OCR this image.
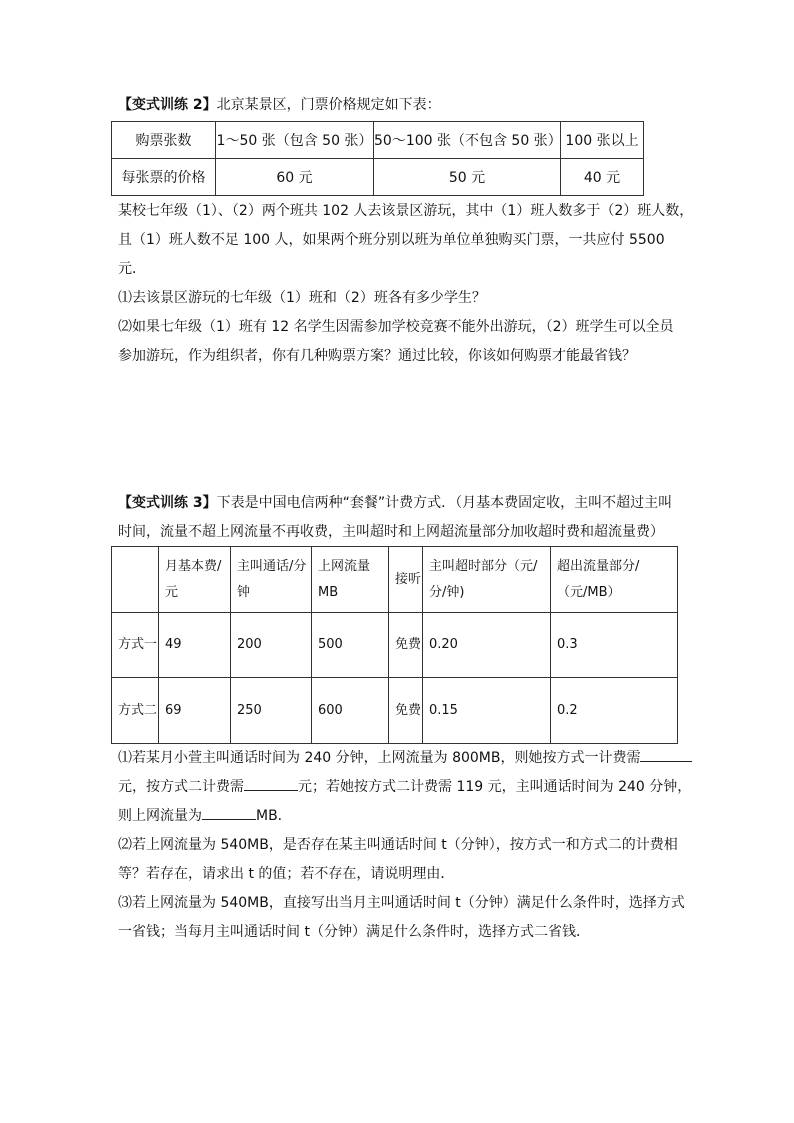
【变式训练 2】北京某景区，门票价格规定如下表：
购票张数	1～50 张（包含 50 张）	50～100 张（不包含 50 张）	100 张以上
每张票的价格	60 元	50 元	40 元
某校七年级（1）、（2）两个班共 102 人去该景区游玩，其中（1）班人数多于（2）班人数，
且（1）班人数不足 100 人，如果两个班分别以班为单位单独购买门票，一共应付 5500
元．
⑴去该景区游玩的七年级（1）班和（2）班各有多少学生？
⑵如果七年级（1）班有 12 名学生因需参加学校竞赛不能外出游玩，（2）班学生可以全员
参加游玩，作为组织者，你有几种购票方案？通过比较，你该如何购票才能最省钱？
【变式训练 3】下表是中国电信两种“套餐”计费方式．（月基本费固定收，主叫不超过主叫
时间，流量不超上网流量不再收费，主叫超时和上网超流量部分加收超时费和超流量费）
	月基本费/元	主叫通话/分钟	上网流量MB	接听	主叫超时部分（元/分/钟)	超出流量部分/（元/MB）
方式一	49	200	500	免费	0.20	0.3
方式二	69	250	600	免费	0.15	0.2
⑴若某月小萱主叫通话时间为 240 分钟，上网流量为 800MB，则她按方式一计费需
元，按方式二计费需	元；若她按方式二计费需 119 元，主叫通话时间为 240 分钟，
则上网流量为	MB．
⑵若上网流量为 540MB，是否存在某主叫通话时间 t（分钟），按方式一和方式二的计费相
等？若存在，请求出 t 的值；若不存在，请说明理由．
⑶若上网流量为 540MB，直接写出当月主叫通话时间 t（分钟）满足什么条件时，选择方式
一省钱；当每月主叫通话时间 t（分钟）满足什么条件时，选择方式二省钱．
